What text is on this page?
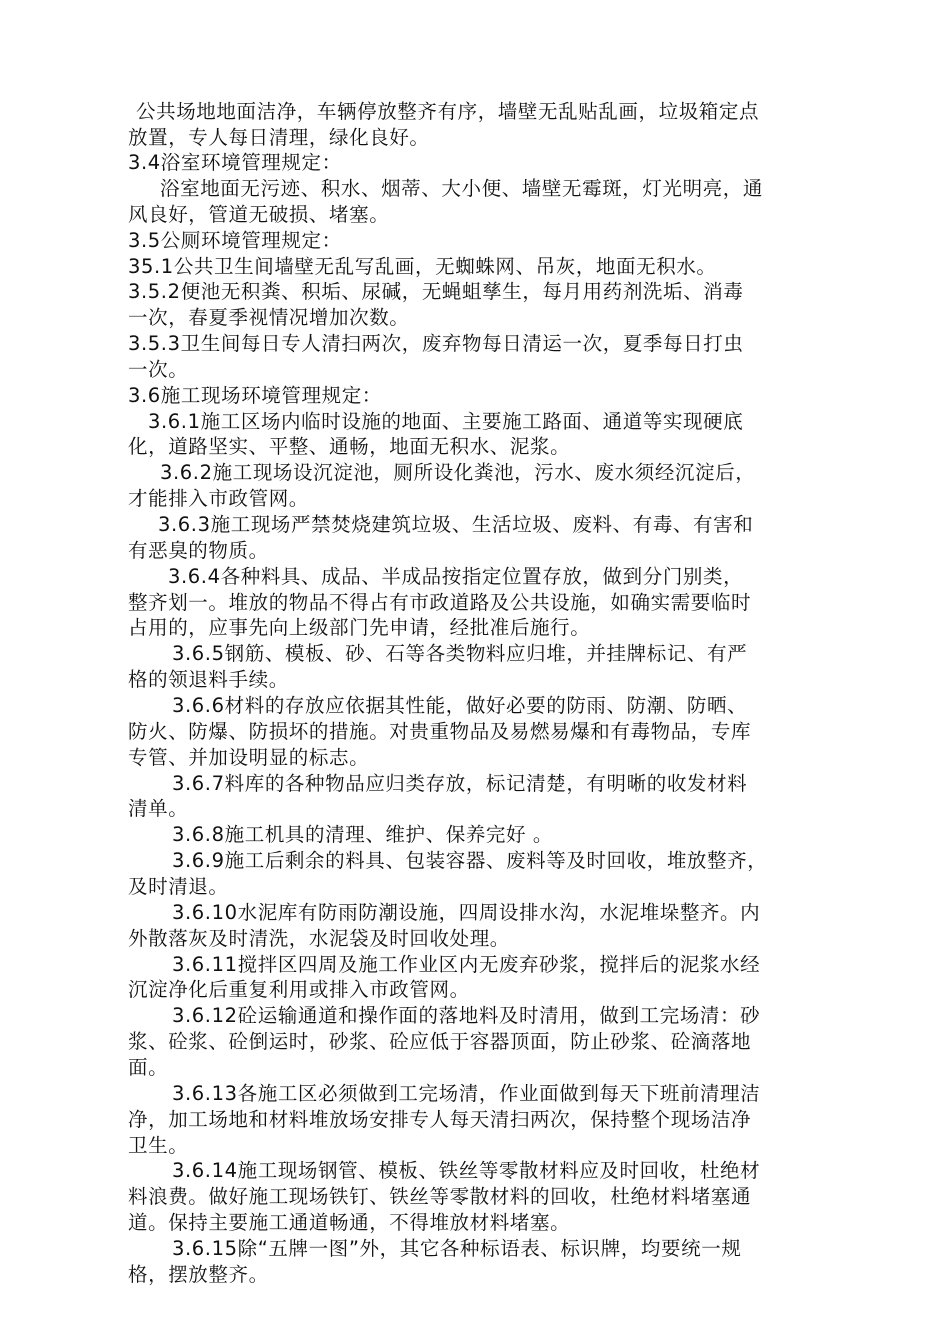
公共场地地面洁净，车辆停放整齐有序，墙壁无乱贴乱画，垃圾箱定点
放置，专人每日清理，绿化良好。
3.4浴室环境管理规定：
浴室地面无污迹、积水、烟蒂、大小便、墙壁无霉斑，灯光明亮，通
风良好，管道无破损、堵塞。
3.5公厕环境管理规定：
35.1公共卫生间墙壁无乱写乱画，无蜘蛛网、吊灰，地面无积水。
3.5.2便池无积粪、积垢、尿碱，无蝇蛆孳生，每月用药剂洗垢、消毒
一次，春夏季视情况增加次数。
3.5.3卫生间每日专人清扫两次，废弃物每日清运一次，夏季每日打虫
一次。
3.6施工现场环境管理规定：
3.6.1施工区场内临时设施的地面、主要施工路面、通道等实现硬底
化，道路坚实、平整、通畅，地面无积水、泥浆。
3.6.2施工现场设沉淀池，厕所设化粪池，污水、废水须经沉淀后，
才能排入市政管网。
3.6.3施工现场严禁焚烧建筑垃圾、生活垃圾、废料、有毒、有害和
有恶臭的物质。
3.6.4各种料具、成品、半成品按指定位置存放，做到分门别类，
整齐划一。堆放的物品不得占有市政道路及公共设施，如确实需要临时
占用的，应事先向上级部门先申请，经批准后施行。
3.6.5钢筋、模板、砂、石等各类物料应归堆，并挂牌标记、有严
格的领退料手续。
3.6.6材料的存放应依据其性能，做好必要的防雨、防潮、防晒、
防火、防爆、防损坏的措施。对贵重物品及易燃易爆和有毒物品，专库
专管、并加设明显的标志。
3.6.7料库的各种物品应归类存放，标记清楚，有明晰的收发材料
清单。
3.6.8施工机具的清理、维护、保养完好 。
3.6.9施工后剩余的料具、包装容器、废料等及时回收，堆放整齐，
及时清退。
3.6.10水泥库有防雨防潮设施，四周设排水沟，水泥堆垛整齐。内
外散落灰及时清洗，水泥袋及时回收处理。
3.6.11搅拌区四周及施工作业区内无废弃砂浆，搅拌后的泥浆水经
沉淀净化后重复利用或排入市政管网。
3.6.12砼运输通道和操作面的落地料及时清用，做到工完场清：砂
浆、砼浆、砼倒运时，砂浆、砼应低于容器顶面，防止砂浆、砼滴落地
面。
3.6.13各施工区必须做到工完场清，作业面做到每天下班前清理洁
净，加工场地和材料堆放场安排专人每天清扫两次，保持整个现场洁净
卫生。
3.6.14施工现场钢管、模板、铁丝等零散材料应及时回收，杜绝材
料浪费。做好施工现场铁钉、铁丝等零散材料的回收，杜绝材料堵塞通
道。保持主要施工通道畅通，不得堆放材料堵塞。
3.6.15除“五牌一图”外，其它各种标语表、标识牌，均要统一规
格，摆放整齐。
